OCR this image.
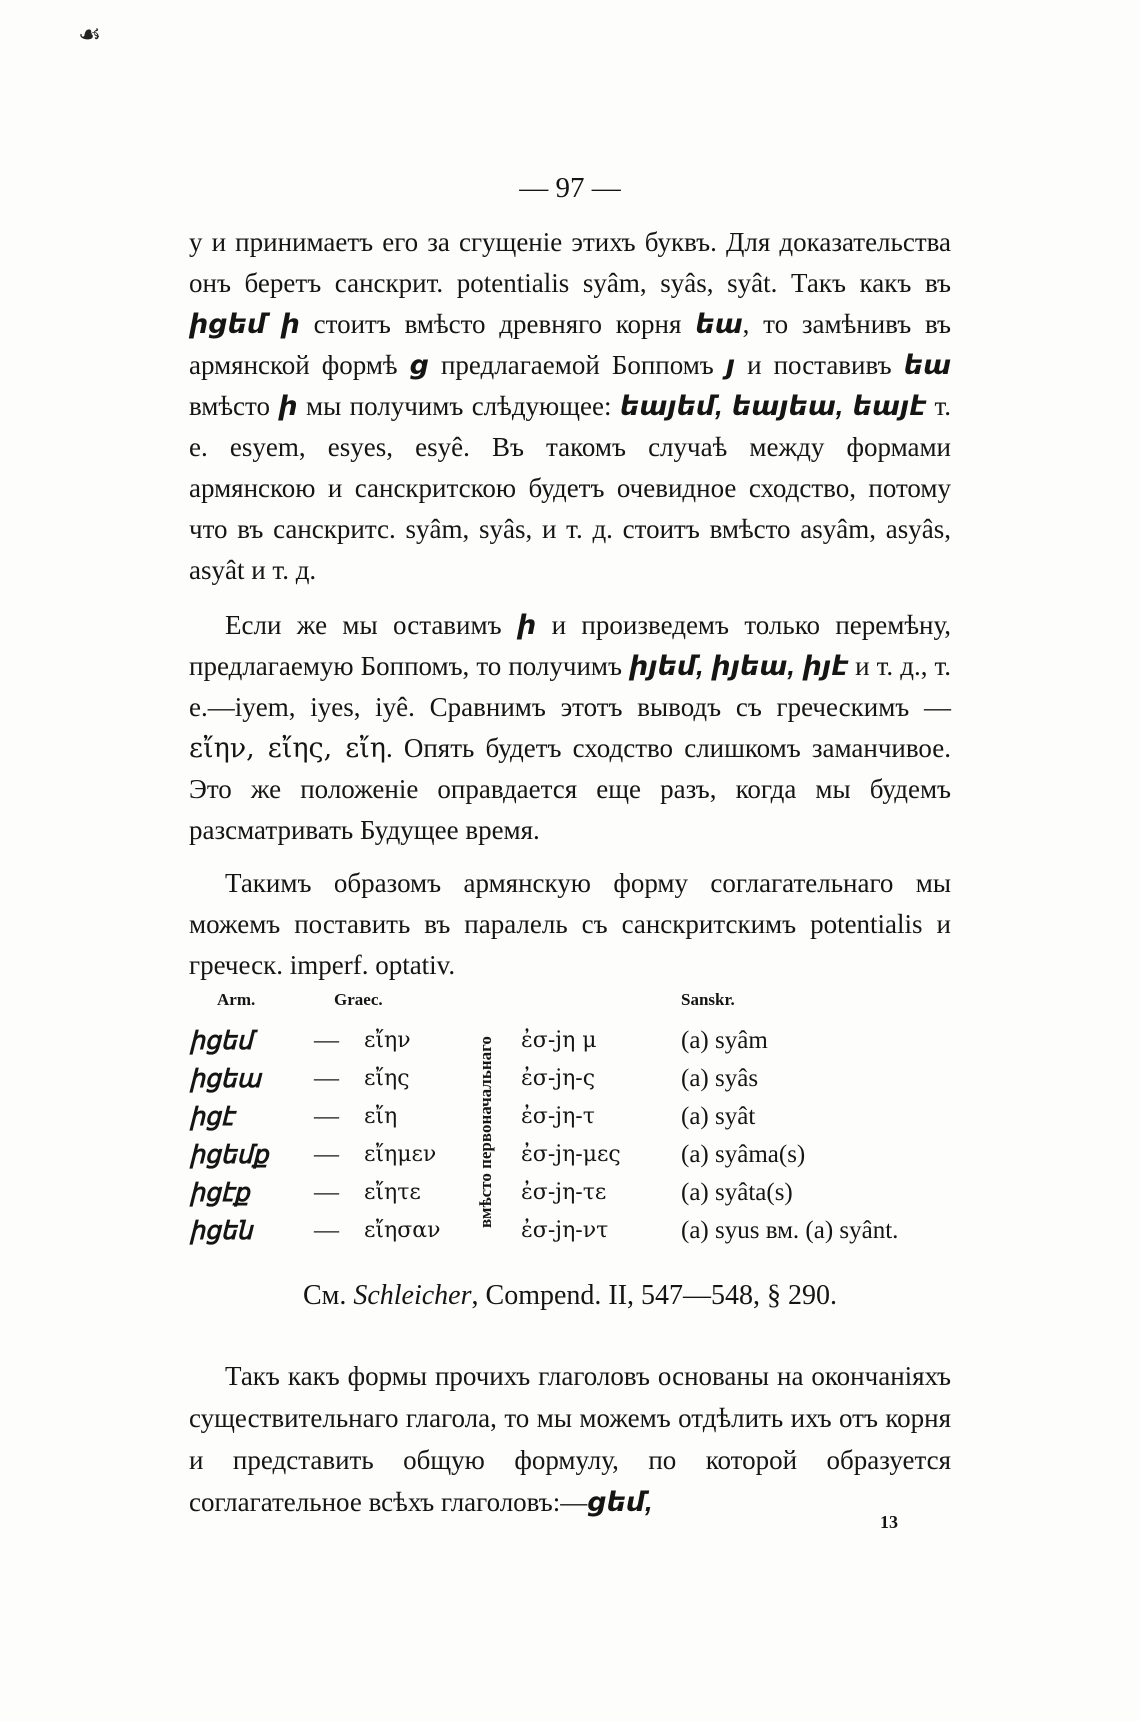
☙
— 97 —

у и принимаетъ его за сгущеніе этихъ буквъ. Для доказательства онъ беретъ санскрит. potentialis syâm, syâs, syât. Такъ какъ въ իցեմ ի стоитъ вмѣсто древняго корня եա, то замѣнивъ въ армянской формѣ ց предлагаемой Боппомъ յ и поставивъ եա вмѣсто ի мы получимъ слѣдующее: եայեմ, եայեա, եայէ т. е. esyem, esyes, esyê. Въ такомъ случаѣ между формами армянскою и санскритскою будетъ очевидное сходство, потому что въ санскритс. syâm, syâs, и т. д. стоитъ вмѣсто asyâm, asyâs, asyât и т. д.

Если же мы оставимъ ի и произведемъ только перемѣну, предлагаемую Боппомъ, то получимъ իյեմ, իյեա, իյէ и т. д., т. е.—iyem, iyes, iyê. Сравнимъ этотъ выводъ съ греческимъ — εἴην, εἴης, εἴη. Опять будетъ сходство слишкомъ заманчивое. Это же положеніе оправдается еще разъ, когда мы будемъ разсматривать Будущее время.

Такимъ образомъ армянскую форму соглагательнаго мы можемъ поставить въ паралель съ санскритскимъ potentialis и греческ. imperf. optativ.

Arm.	Graec.	Sanskr.
вмѣсто первоначальнаго
իցեմ — εἴην	ἐσ-jη μ	(a) syâm
իցեա — εἴης	ἐσ-jη-ς	(a) syâs
իցէ	— εἴη	ἐσ-jη-τ	(a) syât
իցեմք — εἴημεν	ἐσ-jη-μες (a) syâma(s)
իցէք	— εἴητε	ἐσ-jη-τε	(a) syâta(s)
իցեն — εἴησαν	ἐσ-jη-ντ	(a) syus вм. (a) syânt.
См. Schleicher, Compend. II, 547—548, § 290.

Такъ какъ формы прочихъ глаголовъ основаны на окончаніяхъ существительнаго глагола, то мы можемъ отдѣлить ихъ отъ корня и представить общую формулу, по которой образуется соглагательное всѣхъ глаголовъ:—ցեմ,

13
